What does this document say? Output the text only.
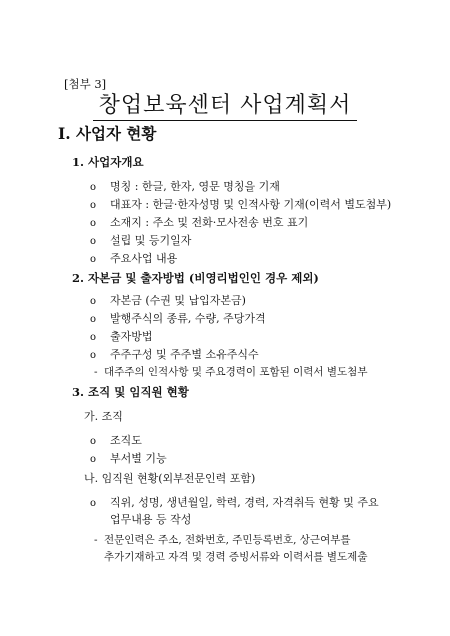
[첨부 3]
창업보육센터 사업계획서
Ⅰ. 사업자 현황
1. 사업자개요
o 명칭 : 한글, 한자, 영문 명칭을 기재
o 대표자 : 한글·한자성명 및 인적사항 기재(이력서 별도첨부)
o 소재지 : 주소 및 전화·모사전송 번호 표기
o 설립 및 등기일자
o 주요사업 내용
2. 자본금 및 출자방법 (비영리법인인 경우 제외)
o 자본금 (수권 및 납입자본금)
o 발행주식의 종류, 수량, 주당가격
o 출자방법
o 주주구성 및 주주별 소유주식수
- 대주주의 인적사항 및 주요경력이 포함된 이력서 별도첨부
3. 조직 및 임직원 현황
가. 조직
o 조직도
o 부서별 기능
나. 임직원 현황(외부전문인력 포함)
o 직위, 성명, 생년월일, 학력, 경력, 자격취득 현황 및 주요
업무내용 등 작성
- 전문인력은 주소, 전화번호, 주민등록번호, 상근여부를
추가기재하고 자격 및 경력 증빙서류와 이력서를 별도제출
